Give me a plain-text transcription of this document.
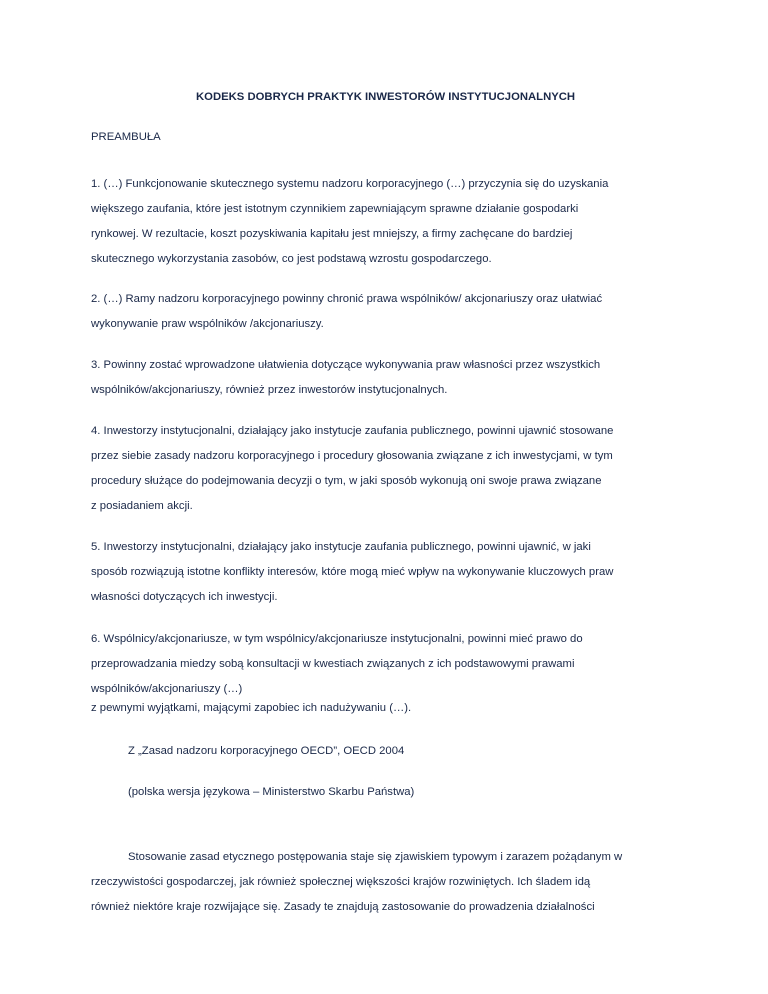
KODEKS DOBRYCH PRAKTYK INWESTORÓW INSTYTUCJONALNYCH
PREAMBUŁA
1. (…) Funkcjonowanie skutecznego systemu nadzoru korporacyjnego (…) przyczynia się do uzyskania
większego zaufania, które jest istotnym czynnikiem zapewniającym sprawne działanie gospodarki
rynkowej. W rezultacie, koszt pozyskiwania kapitału jest mniejszy, a firmy zachęcane do bardziej
skutecznego wykorzystania zasobów, co jest podstawą wzrostu gospodarczego.
2. (…) Ramy nadzoru korporacyjnego powinny chronić prawa wspólników/ akcjonariuszy oraz ułatwiać
wykonywanie praw wspólników /akcjonariuszy.
3. Powinny zostać wprowadzone ułatwienia dotyczące wykonywania praw własności przez wszystkich
wspólników/akcjonariuszy, również przez inwestorów instytucjonalnych.
4. Inwestorzy instytucjonalni, działający jako instytucje zaufania publicznego, powinni ujawnić stosowane
przez siebie zasady nadzoru korporacyjnego i procedury głosowania związane z ich inwestycjami, w tym
procedury służące do podejmowania decyzji o tym, w jaki sposób wykonują oni swoje prawa związane
z posiadaniem akcji.
5. Inwestorzy instytucjonalni, działający jako instytucje zaufania publicznego, powinni ujawnić, w jaki
sposób rozwiązują istotne konflikty interesów, które mogą mieć wpływ na wykonywanie kluczowych praw
własności dotyczących ich inwestycji.
6. Wspólnicy/akcjonariusze, w tym wspólnicy/akcjonariusze instytucjonalni, powinni mieć prawo do
przeprowadzania miedzy sobą konsultacji w kwestiach związanych z ich podstawowymi prawami
wspólników/akcjonariuszy (…)
z pewnymi wyjątkami, mającymi zapobiec ich nadużywaniu (…).
Z „Zasad nadzoru korporacyjnego OECD”, OECD 2004
(polska wersja językowa – Ministerstwo Skarbu Państwa)
Stosowanie zasad etycznego postępowania staje się zjawiskiem typowym i zarazem pożądanym w
rzeczywistości gospodarczej, jak również społecznej większości krajów rozwiniętych. Ich śladem idą
również niektóre kraje rozwijające się. Zasady te znajdują zastosowanie do prowadzenia działalności
